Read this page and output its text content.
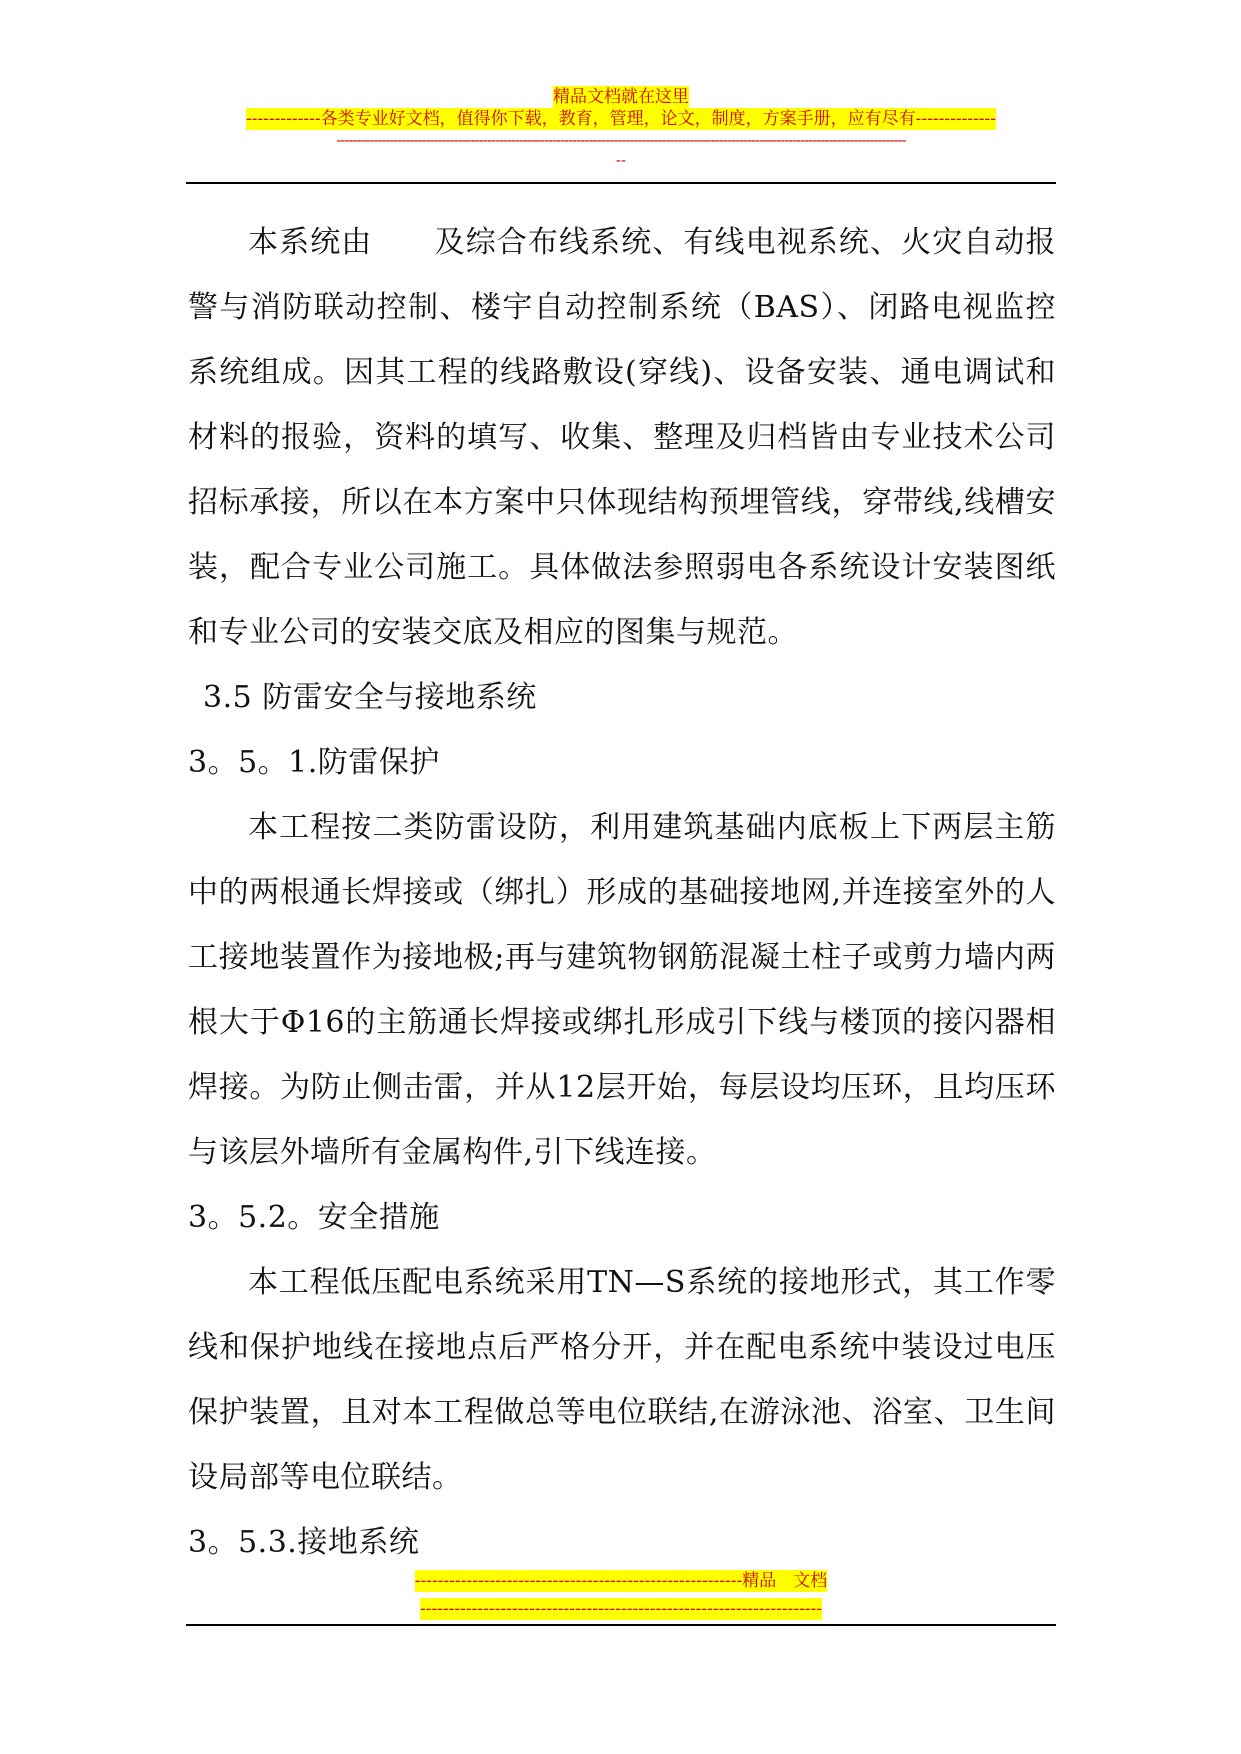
精品文档就在这里
-------------各类专业好文档，值得你下载，教育，管理，论文，制度，方案手册，应有尽有--------------
--------------------------------------------------------------------------------------------------------------------------------------------
--

本系统由　　及综合布线系统、有线电视系统、火灾自动报警与消防联动控制、楼宇自动控制系统（BAS）、闭路电视监控系统组成。因其工程的线路敷设(穿线)、设备安装、通电调试和材料的报验，资料的填写、收集、整理及归档皆由专业技术公司招标承接，所以在本方案中只体现结构预埋管线，穿带线,线槽安装，配合专业公司施工。具体做法参照弱电各系统设计安装图纸和专业公司的安装交底及相应的图集与规范。

3.5 防雷安全与接地系统

3。5。1.防雷保护

本工程按二类防雷设防，利用建筑基础内底板上下两层主筋中的两根通长焊接或（绑扎）形成的基础接地网,并连接室外的人工接地装置作为接地极;再与建筑物钢筋混凝土柱子或剪力墙内两根大于Φ16的主筋通长焊接或绑扎形成引下线与楼顶的接闪器相焊接。为防止侧击雷，并从12层开始，每层设均压环，且均压环与该层外墙所有金属构件,引下线连接。

3。5.2。安全措施

本工程低压配电系统采用TN—S系统的接地形式，其工作零线和保护地线在接地点后严格分开，并在配电系统中装设过电压保护装置，且对本工程做总等电位联结,在游泳池、浴室、卫生间设局部等电位联结。

3。5.3.接地系统

---------------------------------------------------------精品　文档
----------------------------------------------------------------------
